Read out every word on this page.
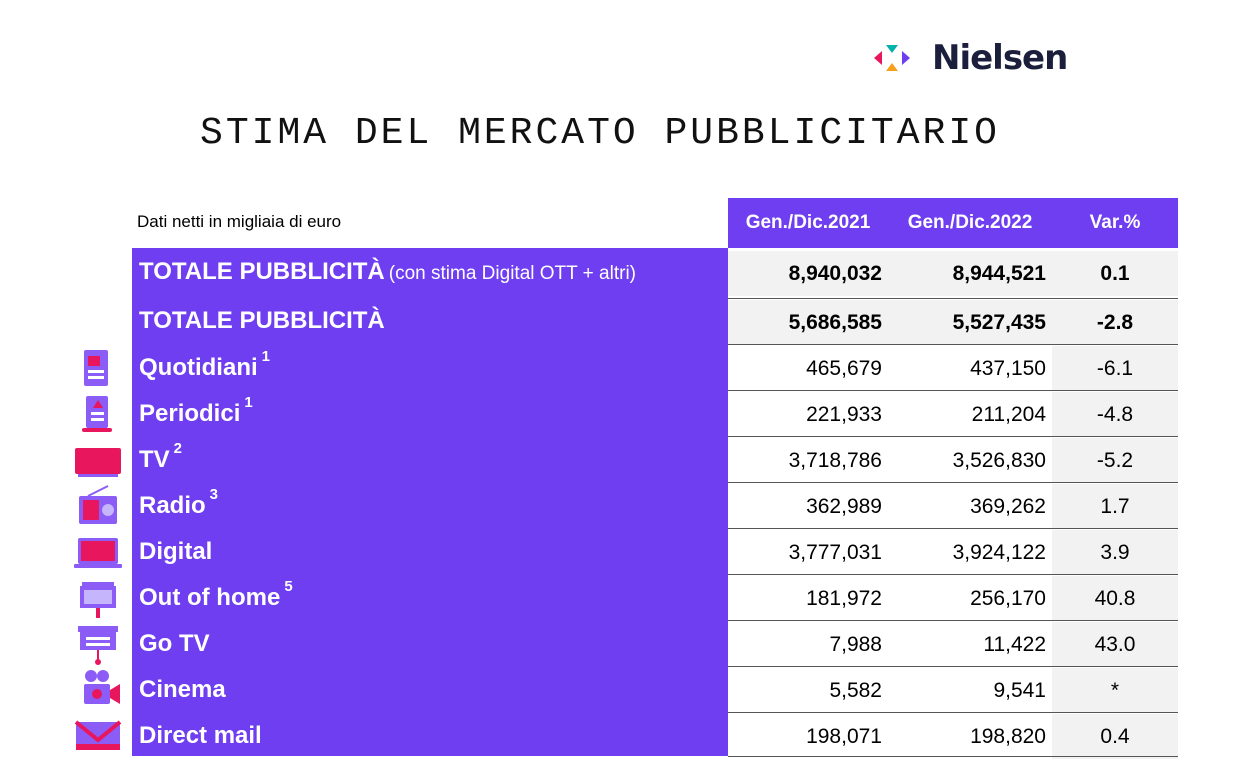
Nielsen
STIMA DEL MERCATO PUBBLICITARIO
Dati netti in migliaia di euro	Gen./Dic.2021	Gen./Dic.2022	Var.%
TOTALE PUBBLICITÀ (con stima Digital OTT + altri)	8,940,032	8,944,521	0.1
TOTALE PUBBLICITÀ	5,686,585	5,527,435	-2.8
Quotidiani $^1$	465,679	437,150	-6.1
Periodici $^1$	221,933	211,204	-4.8
TV $^2$	3,718,786	3,526,830	-5.2
Radio $^3$	362,989	369,262	1.7
Digital	3,777,031	3,924,122	3.9
Out of home $^5$	181,972	256,170	40.8
Go TV	7,988	11,422	43.0
Cinema	5,582	9,541	*
Direct mail	198,071	198,820	0.4
